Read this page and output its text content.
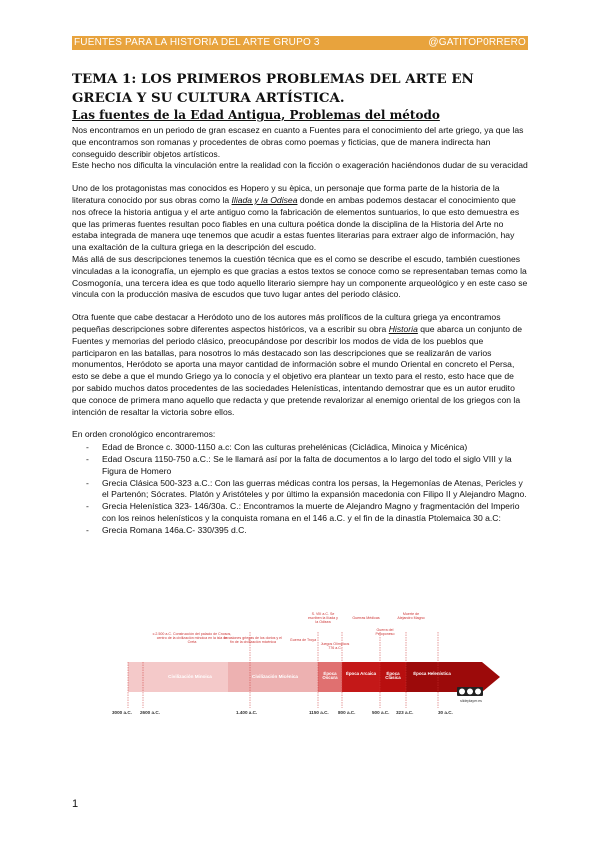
FUENTES PARA LA HISTORIA DEL ARTE GRUPO 3	@GATITOP0RRERO
TEMA 1: LOS PRIMEROS PROBLEMAS DEL ARTE EN GRECIA Y SU CULTURA ARTÍSTICA.
Las fuentes de la Edad Antigua, Problemas del método

Nos encontramos en un periodo de gran escasez en cuanto a Fuentes para el conocimiento del arte griego, ya que las que encontramos son romanas y procedentes de obras como poemas y ficticias, que de manera indirecta han conseguido describir objetos artísticos.

Este hecho nos dificulta la vinculación entre la realidad con la ficción o exageración haciéndonos dudar de su veracidad

Uno de los protagonistas mas conocidos es Hopero y su èpica, un personaje que forma parte de la historia de la literatura conocido por sus obras como la Iliada y la Odisea donde en ambas podemos destacar el conocimiento que nos ofrece la historia antigua y el arte antiguo como la fabricación de elementos suntuarios, lo que esto demuestra es que las primeras fuentes resultan poco fiables en una cultura poética donde la disciplina de la Historia del Arte no estaba integrada de manera uqe tenemos que acudir a estas fuentes literarias para extraer algo de información, hay una exaltación de la cultura griega en la descripción del escudo.

Más allá de sus descripciones tenemos la cuestión técnica que es el como se describe el escudo, también cuestiones vinculadas a la iconografía, un ejemplo es que gracias a estos textos se conoce como se representaban temas como la Cosmogonía, una tercera idea es que todo aquello literario siempre hay un componente arqueológico y en este caso se vincula con la producción masiva de escudos que tuvo lugar antes del periodo clásico.

Otra fuente que cabe destacar a Heródoto uno de los autores más prolíficos de la cultura griega ya encontramos pequeñas descripciones sobre diferentes aspectos históricos, va a escribir su obra Historia que abarca un conjunto de Fuentes y memorias del periodo clásico, preocupándose por describir los modos de vida de los pueblos que participaron en las batallas, para nosotros lo más destacado son las descripciones que se realizarán de varios monumentos, Heródoto se aporta una mayor cantidad de información sobre el mundo Oriental en concreto el Persa, esto se debe a que el mundo Griego ya lo conocía y el objetivo era plantear un texto para el resto, esto hace que de por sabido muchos datos procedentes de las sociedades Helenísticas, intentando demostrar que es un autor erudito que conoce de primera mano aquello que redacta y que pretende revalorizar al enemigo oriental de los griegos con la intención de resaltar la victoria sobre ellos.

En orden cronológico encontraremos:

- Edad de Bronce c. 3000-1150 a.c: Con las culturas prehelénicas (Cicládica, Minoica y Micénica)
- Edad Oscura 1150-750 a.C.: Se le llamará así por la falta de documentos a lo largo del todo el siglo VIII y la Figura de Homero
- Grecia Clásica 500-323 a.C.: Con las guerras médicas contra los persas, la Hegemonías de Atenas, Pericles y el Partenón; Sócrates. Platón y Aristóteles y por último la expansión macedonia con Filipo II y Alejandro Magno.
- Grecia Helenística 323- 146/30a. C.: Encontramos la muerte de Alejandro Magno y fragmentación del Imperio con los reinos helenísticos y la conquista romana en el 146 a.C. y el fin de la dinastía Ptolemaica 30 a.C:
- Grecia Romana 146a.C- 330/395 d.C.
c.2.500 a.C. Construcción del palacio de Cnosos, centro de la civilización minoica en la isla de Creta
Invasiones griegas de los dorios y el fin de la civilización micénica
Guerra de Troya
S. VIII a.C. Se escriben la Ilíada y la Odisea
Juegos Olímpicos 776 a.C.
Guerras Médicas
Guerra del Peloponeso
Muerte de Alejandro Magno
Civilización Minoica	Civilización Micénica
Época Oscura
Época Arcaica	Época Clásica
Época Helenística
slideplayer.es
3000 a.C. 2600 a.C.	1.400 a.C.	1150 a.C. 800 a.C.	500 a.C. 323 a.C.	30 a.C.
1
